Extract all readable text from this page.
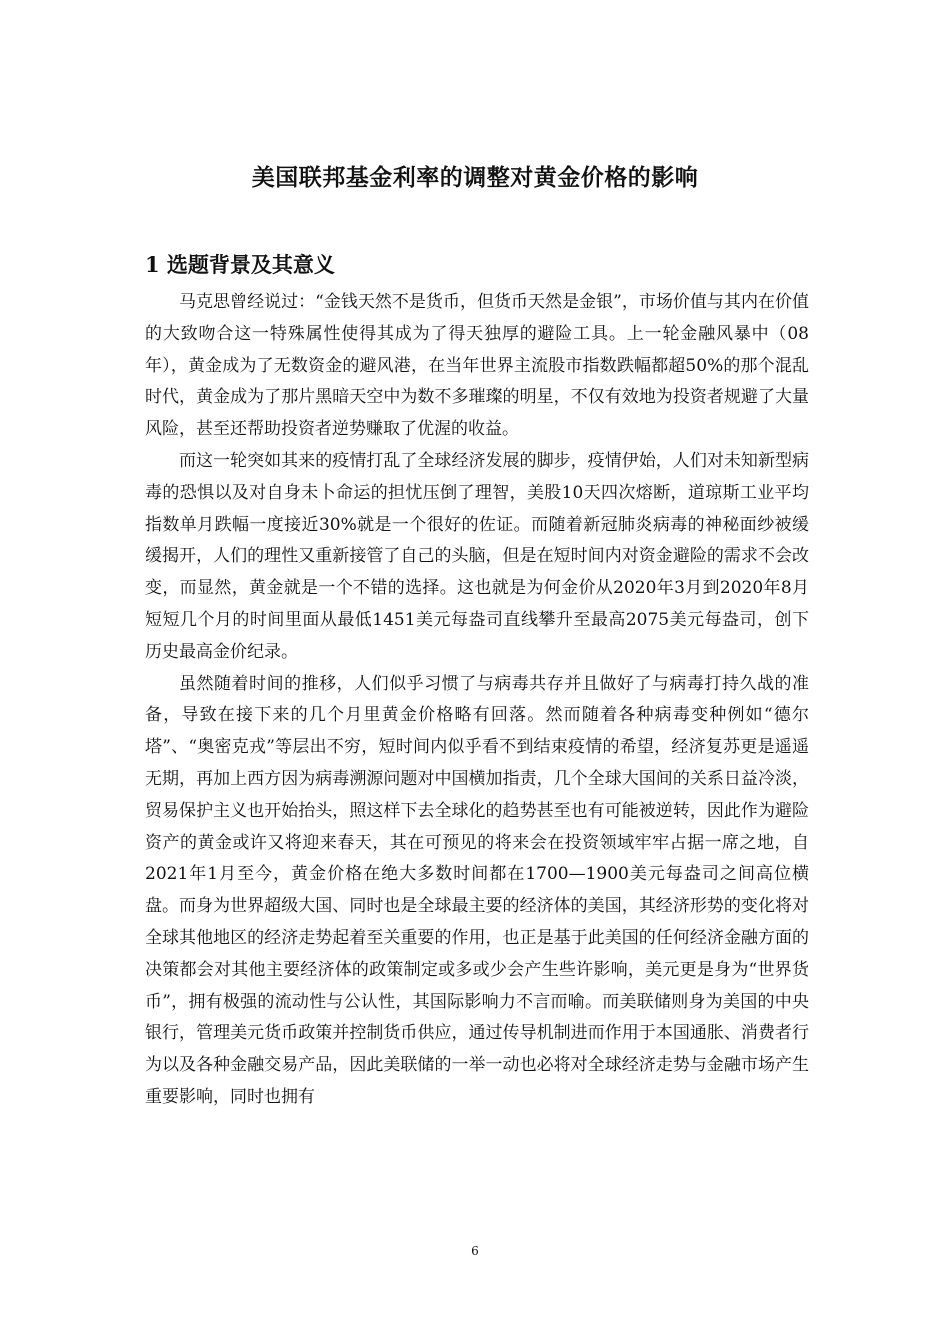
美国联邦基金利率的调整对黄金价格的影响
1 选题背景及其意义

马克思曾经说过：“金钱天然不是货币，但货币天然是金银”，市场价值与其内在价值的大致吻合这一特殊属性使得其成为了得天独厚的避险工具。上一轮金融风暴中（08年），黄金成为了无数资金的避风港，在当年世界主流股市指数跌幅都超50%的那个混乱时代，黄金成为了那片黑暗天空中为数不多璀璨的明星，不仅有效地为投资者规避了大量风险，甚至还帮助投资者逆势赚取了优渥的收益。

而这一轮突如其来的疫情打乱了全球经济发展的脚步，疫情伊始，人们对未知新型病毒的恐惧以及对自身未卜命运的担忧压倒了理智，美股10天四次熔断，道琼斯工业平均指数单月跌幅一度接近30%就是一个很好的佐证。而随着新冠肺炎病毒的神秘面纱被缓缓揭开，人们的理性又重新接管了自己的头脑，但是在短时间内对资金避险的需求不会改变，而显然，黄金就是一个不错的选择。这也就是为何金价从2020年3月到2020年8月短短几个月的时间里面从最低1451美元每盎司直线攀升至最高2075美元每盎司，创下历史最高金价纪录。

虽然随着时间的推移，人们似乎习惯了与病毒共存并且做好了与病毒打持久战的准备，导致在接下来的几个月里黄金价格略有回落。然而随着各种病毒变种例如“德尔塔”、“奥密克戎”等层出不穷，短时间内似乎看不到结束疫情的希望，经济复苏更是遥遥无期，再加上西方因为病毒溯源问题对中国横加指责，几个全球大国间的关系日益冷淡，贸易保护主义也开始抬头，照这样下去全球化的趋势甚至也有可能被逆转，因此作为避险资产的黄金或许又将迎来春天，其在可预见的将来会在投资领域牢牢占据一席之地，自2021年1月至今，黄金价格在绝大多数时间都在1700—1900美元每盎司之间高位横盘。而身为世界超级大国、同时也是全球最主要的经济体的美国，其经济形势的变化将对全球其他地区的经济走势起着至关重要的作用，也正是基于此美国的任何经济金融方面的决策都会对其他主要经济体的政策制定或多或少会产生些许影响，美元更是身为“世界货币”，拥有极强的流动性与公认性，其国际影响力不言而喻。而美联储则身为美国的中央银行，管理美元货币政策并控制货币供应，通过传导机制进而作用于本国通胀、消费者行为以及各种金融交易产品，因此美联储的一举一动也必将对全球经济走势与金融市场产生重要影响，同时也拥有

6
